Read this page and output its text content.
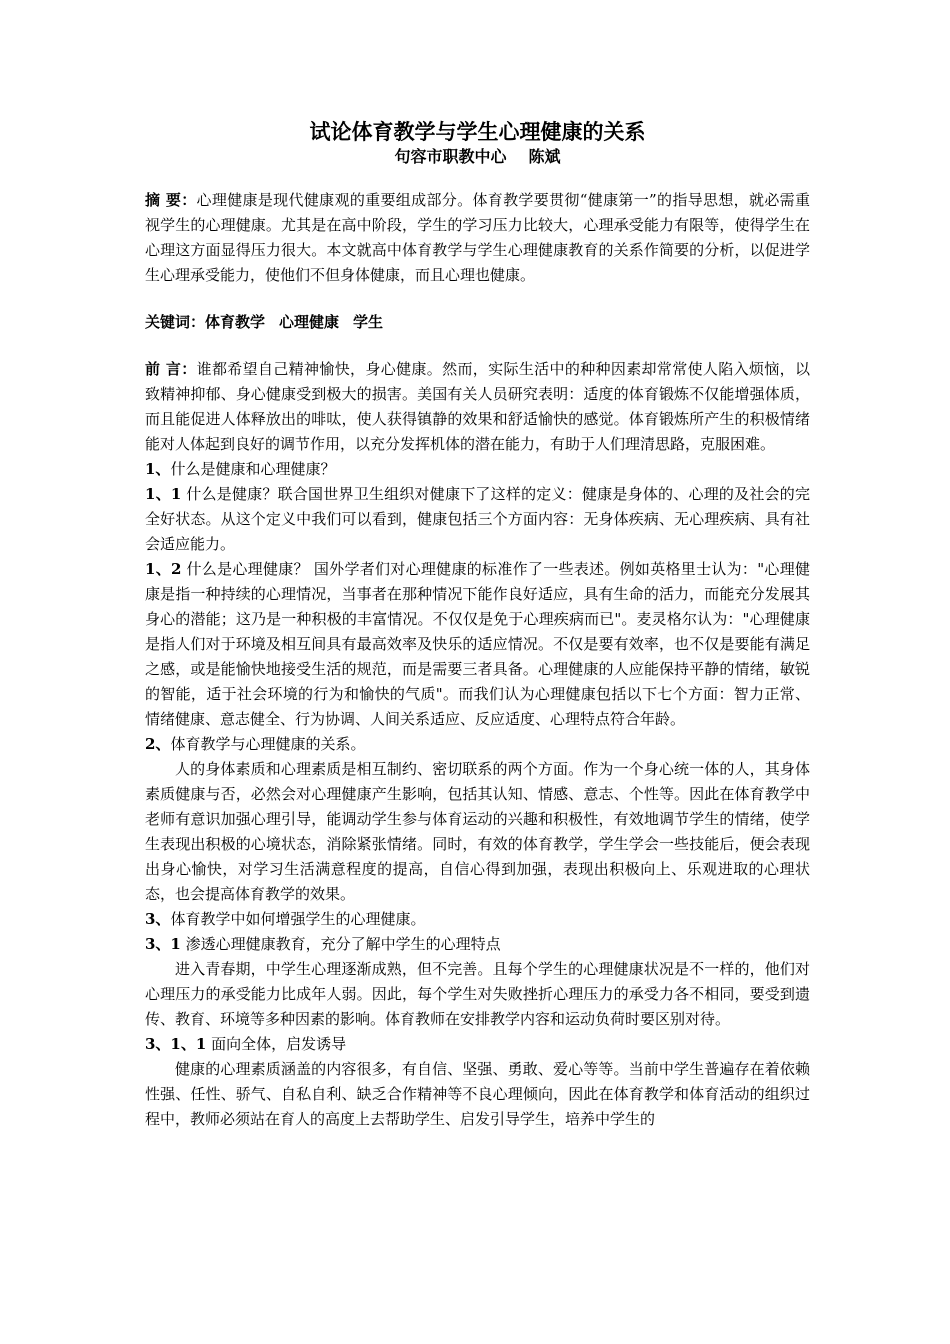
试论体育教学与学生心理健康的关系

句容市职教中心 陈斌

摘 要：心理健康是现代健康观的重要组成部分。体育教学要贯彻“健康第一”的指导思想，就必需重视学生的心理健康。尤其是在高中阶段，学生的学习压力比较大，心理承受能力有限等，使得学生在心理这方面显得压力很大。本文就高中体育教学与学生心理健康教育的关系作简要的分析，以促进学生心理承受能力，使他们不但身体健康，而且心理也健康。

关键词：体育教学 心理健康 学生

前 言：谁都希望自己精神愉快，身心健康。然而，实际生活中的种种因素却常常使人陷入烦恼，以致精神抑郁、身心健康受到极大的损害。美国有关人员研究表明：适度的体育锻炼不仅能增强体质，而且能促进人体释放出的啡呔，使人获得镇静的效果和舒适愉快的感觉。体育锻炼所产生的积极情绪能对人体起到良好的调节作用，以充分发挥机体的潜在能力，有助于人们理清思路，克服困难。

1、什么是健康和心理健康？

1、1 什么是健康？联合国世界卫生组织对健康下了这样的定义：健康是身体的、心理的及社会的完全好状态。从这个定义中我们可以看到，健康包括三个方面内容：无身体疾病、无心理疾病、具有社会适应能力。

1、2 什么是心理健康？ 国外学者们对心理健康的标准作了一些表述。例如英格里士认为："心理健康是指一种持续的心理情况，当事者在那种情况下能作良好适应，具有生命的活力，而能充分发展其身心的潜能；这乃是一种积极的丰富情况。不仅仅是免于心理疾病而已"。麦灵格尔认为："心理健康是指人们对于环境及相互间具有最高效率及快乐的适应情况。不仅是要有效率，也不仅是要能有满足之感，或是能愉快地接受生活的规范，而是需要三者具备。心理健康的人应能保持平静的情绪，敏锐的智能，适于社会环境的行为和愉快的气质"。而我们认为心理健康包括以下七个方面：智力正常、情绪健康、意志健全、行为协调、人间关系适应、反应适度、心理特点符合年龄。

2、体育教学与心理健康的关系。

人的身体素质和心理素质是相互制约、密切联系的两个方面。作为一个身心统一体的人，其身体素质健康与否，必然会对心理健康产生影响，包括其认知、情感、意志、个性等。因此在体育教学中老师有意识加强心理引导，能调动学生参与体育运动的兴趣和积极性，有效地调节学生的情绪，使学生表现出积极的心境状态，消除紧张情绪。同时，有效的体育教学，学生学会一些技能后，便会表现出身心愉快，对学习生活满意程度的提高，自信心得到加强，表现出积极向上、乐观进取的心理状态，也会提高体育教学的效果。

3、体育教学中如何增强学生的心理健康。

3、1 渗透心理健康教育，充分了解中学生的心理特点

进入青春期，中学生心理逐渐成熟，但不完善。且每个学生的心理健康状况是不一样的，他们对心理压力的承受能力比成年人弱。因此，每个学生对失败挫折心理压力的承受力各不相同，要受到遗传、教育、环境等多种因素的影响。体育教师在安排教学内容和运动负荷时要区别对待。

3、1、1 面向全体，启发诱导

健康的心理素质涵盖的内容很多，有自信、坚强、勇敢、爱心等等。当前中学生普遍存在着依赖性强、任性、骄气、自私自利、缺乏合作精神等不良心理倾向，因此在体育教学和体育活动的组织过程中，教师必须站在育人的高度上去帮助学生、启发引导学生，培养中学生的
